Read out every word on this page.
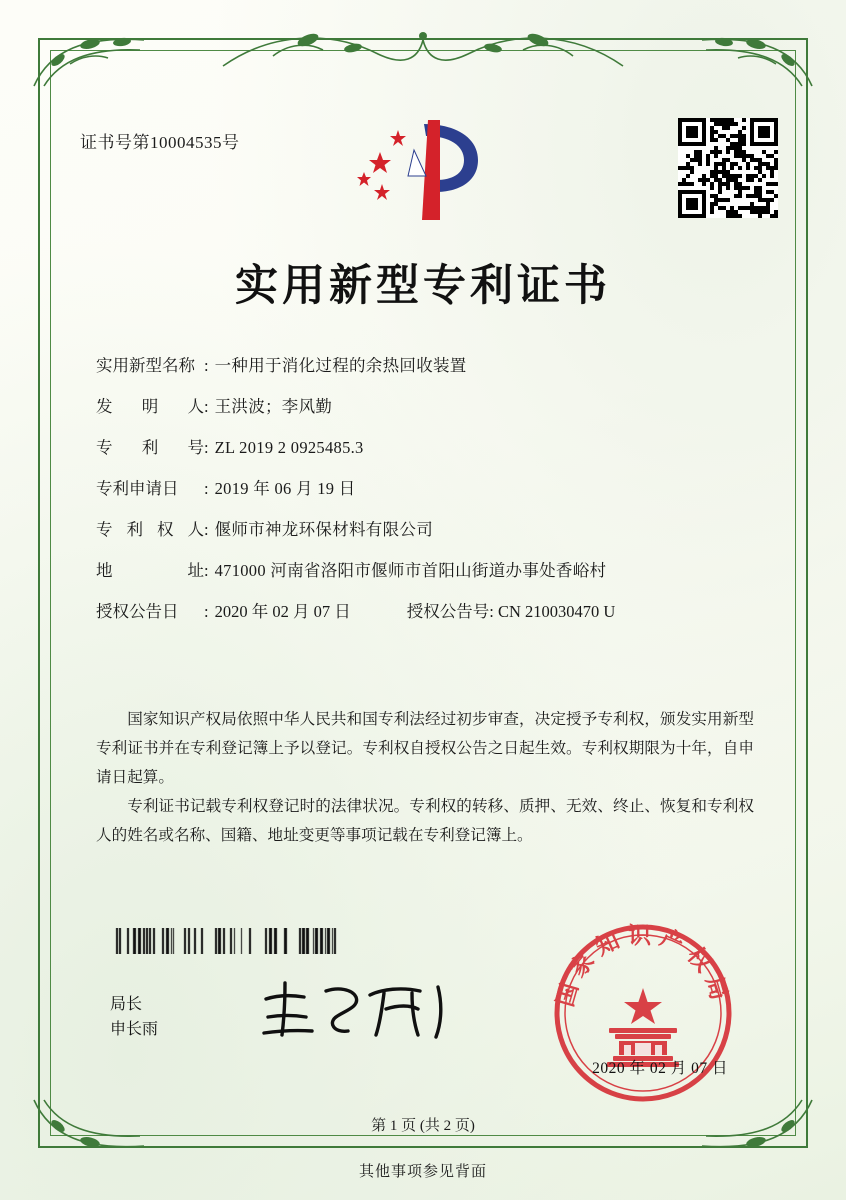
证书号第10004535号
实用新型专利证书
实用新型名称 : 一种用于消化过程的余热回收装置
发 明 人 : 王洪波；李风勤
专 利 号 : ZL 2019 2 0925485.3
专利申请日	: 2019 年 06 月 19 日
专 利 权 人 : 偃师市神龙环保材料有限公司
地	址 : 471000 河南省洛阳市偃师市首阳山街道办事处香峪村
授权公告日	: 2020 年 02 月 07 日	授权公告号 : CN 210030470 U

国家知识产权局依照中华人民共和国专利法经过初步审查，决定授予专利权，颁发实用新型专利证书并在专利登记簿上予以登记。专利权自授权公告之日起生效。专利权期限为十年，自申请日起算。

专利证书记载专利权登记时的法律状况。专利权的转移、质押、无效、终止、恢复和专利权人的姓名或名称、国籍、地址变更等事项记载在专利登记簿上。

局长
申长雨
国家知识产权局
2020 年 02 月 07 日
第 1 页 (共 2 页)
其他事项参见背面
